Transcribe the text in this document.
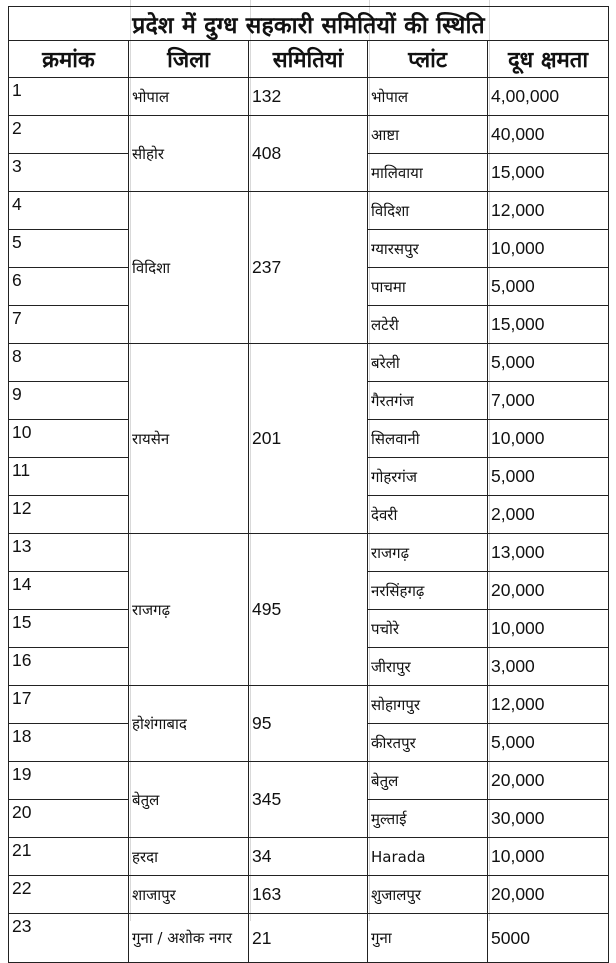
प्रदेश में दुग्ध सहकारी समितियों की स्थिति				
क्रमांक	जिला	समितियां	प्लांट	दूध क्षमता
1	भोपाल	132	भोपाल	4,00,000
2	सीहोर	408	आष्टा	40,000
3			मालिवाया	15,000
4	विदिशा	237	विदिशा	12,000
5			ग्यारसपुर	10,000
6			पाचमा	5,000
7			लटेरी	15,000
8	रायसेन	201	बरेली	5,000
9			गैरतगंज	7,000
10			सिलवानी	10,000
11			गोहरगंज	5,000
12			देवरी	2,000
13	राजगढ़	495	राजगढ़	13,000
14			नरसिंहगढ़	20,000
15			पचोरे	10,000
16			जीरापुर	3,000
17	होशंगाबाद	95	सोहागपुर	12,000
18			कीरतपुर	5,000
19	बेतुल	345	बेतुल	20,000
20			मुल्ताई	30,000
21	हरदा	34	Harada	10,000
22	शाजापुर	163	शुजालपुर	20,000
23	गुना / अशोक नगर	21	गुना	5000
